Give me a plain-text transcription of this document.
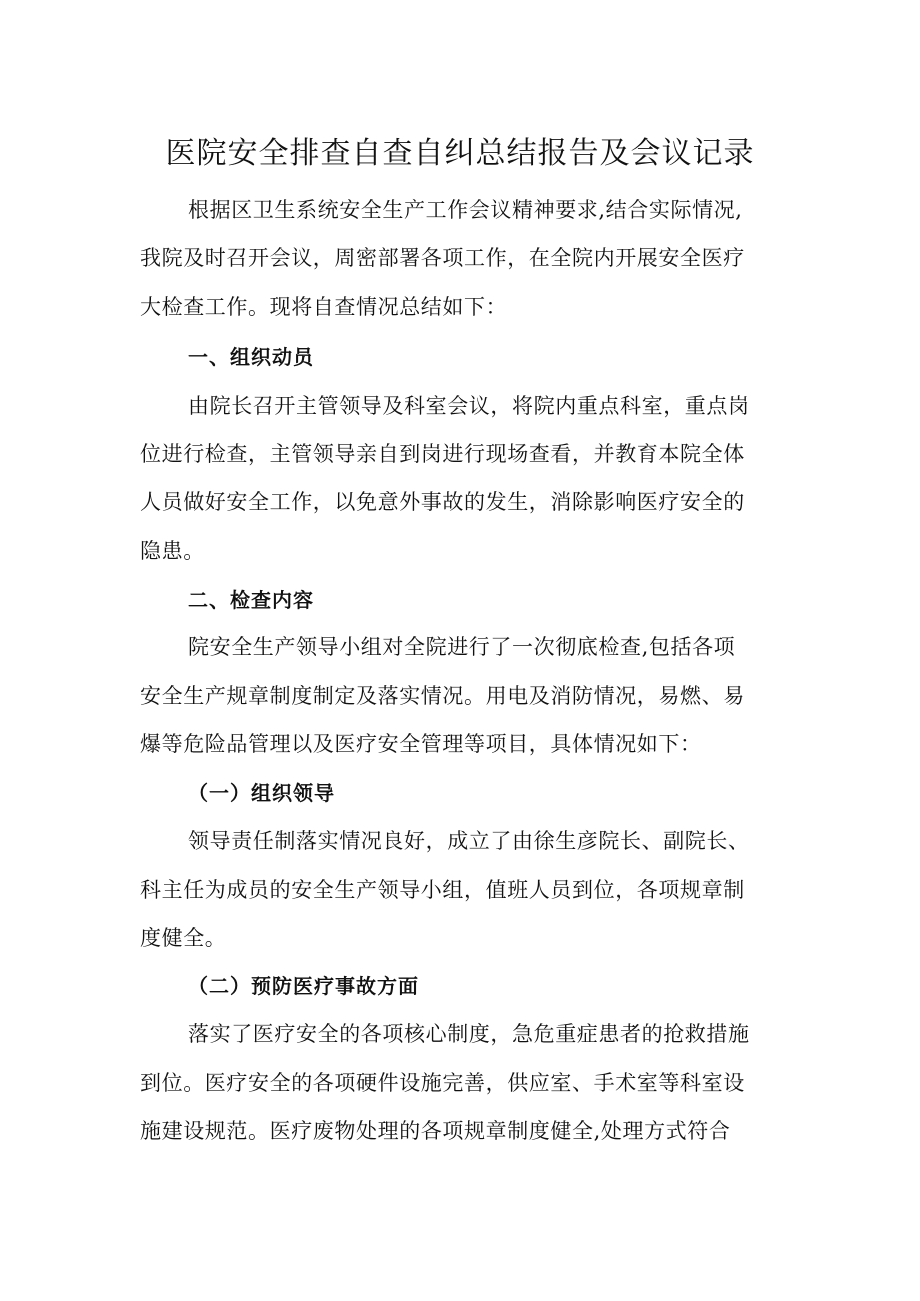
医院安全排查自查自纠总结报告及会议记录
根据区卫生系统安全生产工作会议精神要求,结合实际情况,
我院及时召开会议，周密部署各项工作，在全院内开展安全医疗
大检查工作。现将自查情况总结如下：
一、组织动员
由院长召开主管领导及科室会议，将院内重点科室，重点岗
位进行检查，主管领导亲自到岗进行现场查看，并教育本院全体
人员做好安全工作，以免意外事故的发生，消除影响医疗安全的
隐患。
二、检查内容
院安全生产领导小组对全院进行了一次彻底检查,包括各项
安全生产规章制度制定及落实情况。用电及消防情况，易燃、易
爆等危险品管理以及医疗安全管理等项目，具体情况如下：
（一）组织领导
领导责任制落实情况良好，成立了由徐生彦院长、副院长、
科主任为成员的安全生产领导小组，值班人员到位，各项规章制
度健全。
（二）预防医疗事故方面
落实了医疗安全的各项核心制度，急危重症患者的抢救措施
到位。医疗安全的各项硬件设施完善，供应室、手术室等科室设
施建设规范。医疗废物处理的各项规章制度健全,处理方式符合
